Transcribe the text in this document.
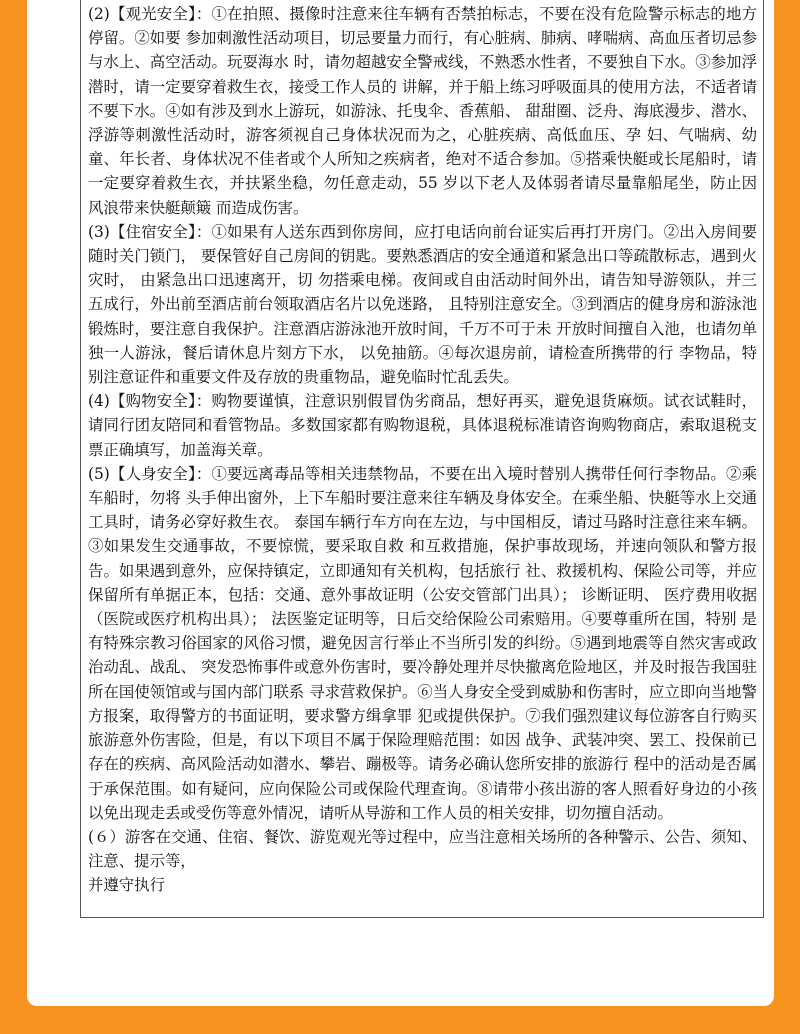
(2)【观光安全】：①在拍照、摄像时注意来往车辆有否禁拍标志，不要在没有危险警示标志的地方停留。②如要 参加刺激性活动项目，切忌要量力而行，有心脏病、肺病、哮喘病、高血压者切忌参与水上、高空活动。玩耍海水 时，请勿超越安全警戒线，不熟悉水性者，不要独自下水。③参加浮潜时，请一定要穿着救生衣，接受工作人员的 讲解，并于船上练习呼吸面具的使用方法，不适者请不要下水。④如有涉及到水上游玩，如游泳、托曳伞、香蕉船、 甜甜圈、泛舟、海底漫步、潜水、浮游等刺激性活动时，游客须视自己身体状况而为之，心脏疾病、高低血压、孕 妇、气喘病、幼童、年长者、身体状况不佳者或个人所知之疾病者，绝对不适合参加。⑤搭乘快艇或长尾船时，请 一定要穿着救生衣，并扶紧坐稳，勿任意走动，55 岁以下老人及体弱者请尽量靠船尾坐，防止因风浪带来快艇颠簸 而造成伤害。

(3)【住宿安全】：①如果有人送东西到你房间，应打电话向前台证实后再打开房门。②出入房间要随时关门锁门， 要保管好自己房间的钥匙。要熟悉酒店的安全通道和紧急出口等疏散标志，遇到火灾时， 由紧急出口迅速离开，切 勿搭乘电梯。夜间或自由活动时间外出，请告知导游领队，并三五成行，外出前至酒店前台领取酒店名片以免迷路， 且特别注意安全。③到酒店的健身房和游泳池锻炼时，要注意自我保护。注意酒店游泳池开放时间，千万不可于未 开放时间擅自入池，也请勿单独一人游泳，餐后请休息片刻方下水， 以免抽筋。④每次退房前，请检查所携带的行 李物品，特别注意证件和重要文件及存放的贵重物品，避免临时忙乱丢失。

(4)【购物安全】：购物要谨慎，注意识别假冒伪劣商品，想好再买，避免退货麻烦。试衣试鞋时，请同行团友陪同和看管物品。多数国家都有购物退税，具体退税标准请咨询购物商店，索取退税支票正确填写，加盖海关章。

(5)【人身安全】：①要远离毒品等相关违禁物品，不要在出入境时替别人携带任何行李物品。②乘车船时，勿将 头手伸出窗外，上下车船时要注意来往车辆及身体安全。在乘坐船、快艇等水上交通工具时，请务必穿好救生衣。 泰国车辆行车方向在左边，与中国相反，请过马路时注意往来车辆。③如果发生交通事故，不要惊慌，要采取自救 和互救措施，保护事故现场，并速向领队和警方报告。如果遇到意外，应保持镇定，立即通知有关机构，包括旅行 社、救援机构、保险公司等，并应保留所有单据正本，包括：交通、意外事故证明（公安交管部门出具）； 诊断证明、 医疗费用收据（医院或医疗机构出具）； 法医鉴定证明等，日后交给保险公司索赔用。④要尊重所在国，特别 是有特殊宗教习俗国家的风俗习惯，避免因言行举止不当所引发的纠纷。⑤遇到地震等自然灾害或政治动乱、战乱、 突发恐怖事件或意外伤害时，要冷静处理并尽快撤离危险地区，并及时报告我国驻所在国使领馆或与国内部门联系 寻求营救保护。⑥当人身安全受到威胁和伤害时，应立即向当地警方报案，取得警方的书面证明，要求警方缉拿罪 犯或提供保护。⑦我们强烈建议每位游客自行购买旅游意外伤害险，但是，有以下项目不属于保险理赔范围：如因 战争、武装冲突、罢工、投保前已存在的疾病、高风险活动如潜水、攀岩、蹦极等。请务必确认您所安排的旅游行 程中的活动是否属于承保范围。如有疑问，应向保险公司或保险代理查询。⑧请带小孩出游的客人照看好身边的小孩以免出现走丢或受伤等意外情况，请听从导游和工作人员的相关安排，切勿擅自活动。

(６）游客在交通、住宿、餐饮、游览观光等过程中，应当注意相关场所的各种警示、公告、须知、注意、提示等，

并遵守执行
